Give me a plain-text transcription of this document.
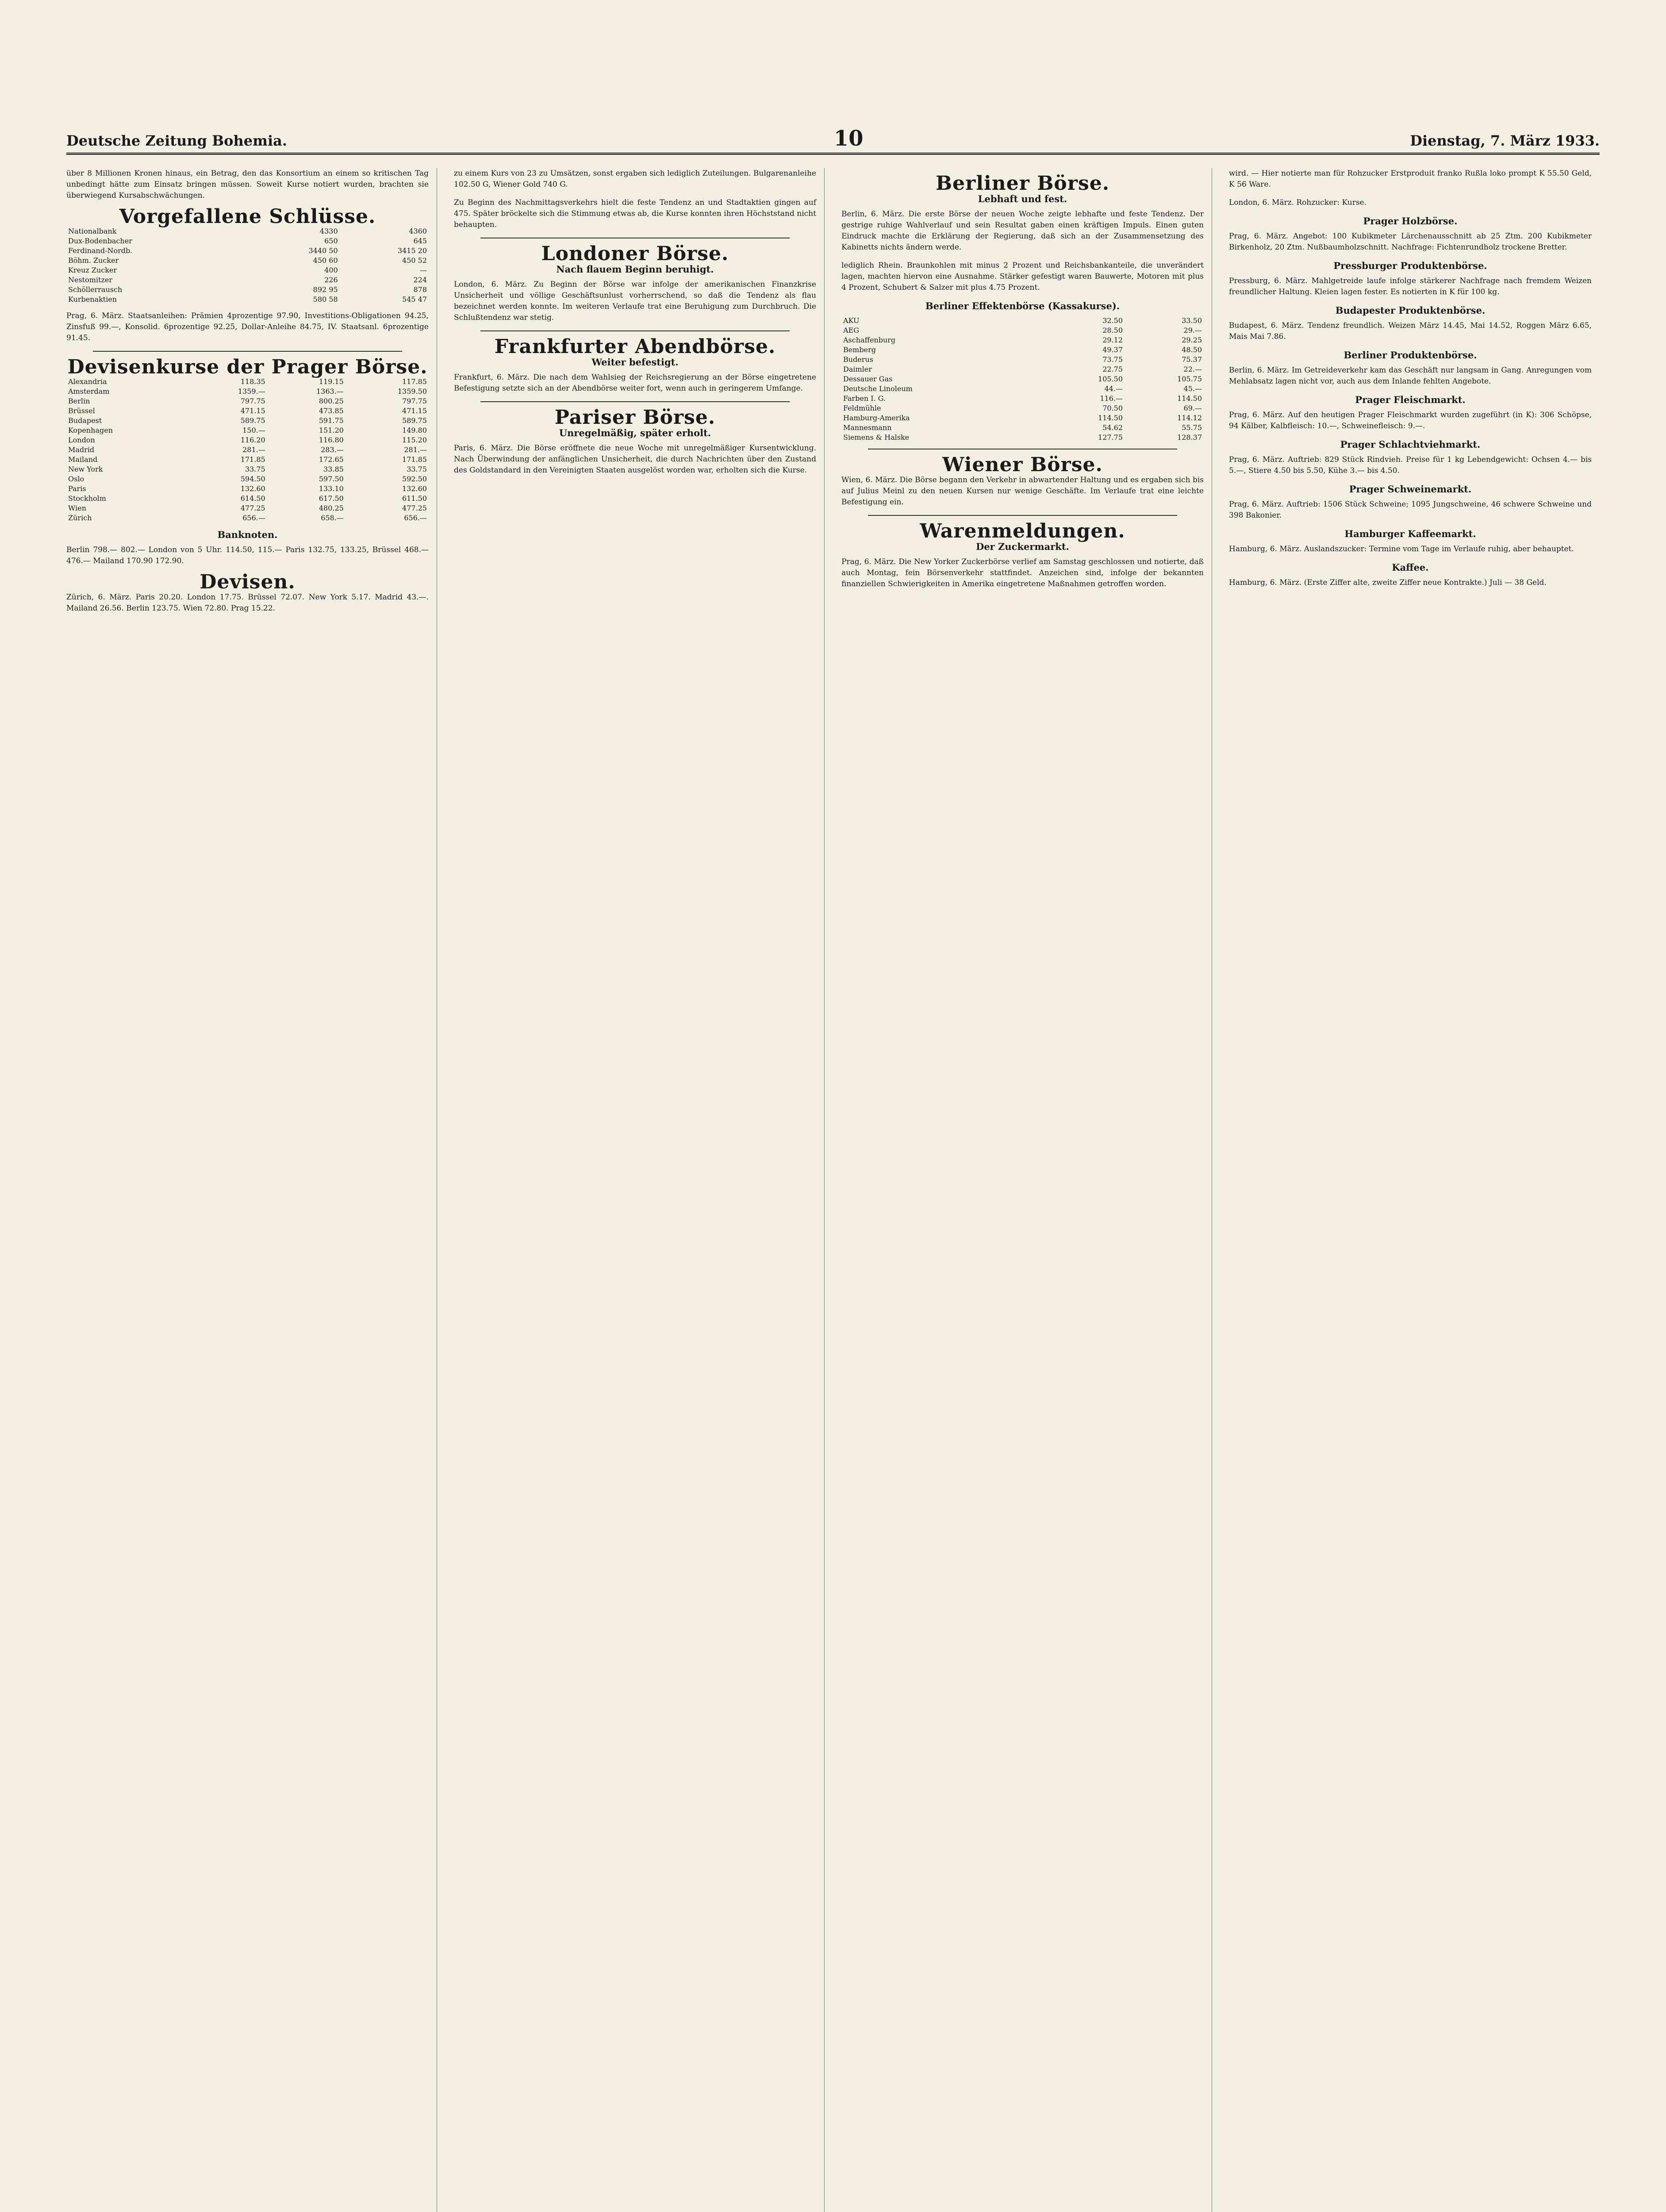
Deutsche Zeitung Bohemia.	10	Dienstag, 7. März 1933.

über 8 Millionen Kronen hinaus, ein Betrag, den das Konsortium an einem so kritischen Tag unbedingt hätte zum Einsatz bringen müssen. Soweit Kurse notiert wurden, brachten sie überwiegend Kursabschwächungen.

Vorgefallene Schlüsse.
Nationalbank	4330	4360
Dux-Bodenbacher	650	645
Ferdinand-Nordb.	3440 50	3415 20
Böhm. Zucker	450 60	450 52
Kreuz Zucker	400	—
Nestomitzer	226	224
Schöllerrausch	892 95	878
Kurbenaktien	580 58	545 47

Prag, 6. März. Staatsanleihen: Prämien 4prozentige 97.90, Investitions-Obligationen 94.25, Zinsfuß 99.—, Konsolid. 6prozentige 92.25, Dollar-Anleihe 84.75, IV. Staatsanl. 6prozentige 91.45.

Devisenkurse der Prager Börse.
Alexandria	118.35	119.15	117.85
Amsterdam	1359.—	1363.—	1359.50
Berlin	797.75	800.25	797.75
Brüssel	471.15	473.85	471.15
Budapest	589.75	591.75	589.75
Kopenhagen	150.—	151.20	149.80
London	116.20	116.80	115.20
Madrid	281.—	283.—	281.—
Mailand	171.85	172.65	171.85
New York	33.75	33.85	33.75
Oslo	594.50	597.50	592.50
Paris	132.60	133.10	132.60
Stockholm	614.50	617.50	611.50
Wien	477.25	480.25	477.25
Zürich	656.—	658.—	656.—
Banknoten.

Berlin 798.— 802.— London von 5 Uhr. 114.50, 115.— Paris 132.75, 133.25, Brüssel 468.— 476.— Mailand 170.90 172.90.

Devisen.

Zürich, 6. März. Paris 20.20. London 17.75. Brüssel 72.07. New York 5.17. Madrid 43.—. Mailand 26.56. Berlin 123.75. Wien 72.80. Prag 15.22.

zu einem Kurs von 23 zu Umsätzen, sonst ergaben sich lediglich Zuteilungen. Bulgarenanleihe 102.50 G, Wiener Gold 740 G.

Zu Beginn des Nachmittagsverkehrs hielt die feste Tendenz an und Stadtaktien gingen auf 475. Später bröckelte sich die Stimmung etwas ab, die Kurse konnten ihren Höchststand nicht behaupten.

Londoner Börse.
Nach flauem Beginn beruhigt.

London, 6. März. Zu Beginn der Börse war infolge der amerikanischen Finanzkrise Unsicherheit und völlige Geschäftsunlust vorherrschend, so daß die Tendenz als flau bezeichnet werden konnte. Im weiteren Verlaufe trat eine Beruhigung zum Durchbruch. Die Schlußtendenz war stetig.

Frankfurter Abendbörse.
Weiter befestigt.

Frankfurt, 6. März. Die nach dem Wahlsieg der Reichsregierung an der Börse eingetretene Befestigung setzte sich an der Abendbörse weiter fort, wenn auch in geringerem Umfange.

Pariser Börse.
Unregelmäßig, später erholt.

Paris, 6. März. Die Börse eröffnete die neue Woche mit unregelmäßiger Kursentwicklung. Nach Überwindung der anfänglichen Unsicherheit, die durch Nachrichten über den Zustand des Goldstandard in den Vereinigten Staaten ausgelöst worden war, erholten sich die Kurse.

Berliner Börse.
Lebhaft und fest.

Berlin, 6. März. Die erste Börse der neuen Woche zeigte lebhafte und feste Tendenz. Der gestrige ruhige Wahlverlauf und sein Resultat gaben einen kräftigen Impuls. Einen guten Eindruck machte die Erklärung der Regierung, daß sich an der Zusammensetzung des Kabinetts nichts ändern werde.

lediglich Rhein. Braunkohlen mit minus 2 Prozent und Reichsbankanteile, die unverändert lagen, machten hiervon eine Ausnahme. Stärker gefestigt waren Bauwerte, Motoren mit plus 4 Prozent, Schubert & Salzer mit plus 4.75 Prozent.

Berliner Effektenbörse (Kassakurse).
AKU	32.50	33.50
AEG	28.50	29.—
Aschaffenburg	29.12	29.25
Bemberg	49.37	48.50
Buderus	73.75	75.37
Daimler	22.75	22.—
Dessauer Gas	105.50	105.75
Deutsche Linoleum	44.—	45.—
Farben I. G.	116.—	114.50
Feldmühle	70.50	69.—
Hamburg-Amerika	114.50	114.12
Mannesmann	54.62	55.75
Siemens & Halske	127.75	128.37
Wiener Börse.

Wien, 6. März. Die Börse begann den Verkehr in abwartender Haltung und es ergaben sich bis auf Julius Meinl zu den neuen Kursen nur wenige Geschäfte. Im Verlaufe trat eine leichte Befestigung ein.

Warenmeldungen.
Der Zuckermarkt.

Prag, 6. März. Die New Yorker Zuckerbörse verlief am Samstag geschlossen und notierte, daß auch Montag, fein Börsenverkehr stattfindet. Anzeichen sind, infolge der bekannten finanziellen Schwierigkeiten in Amerika eingetretene Maßnahmen getroffen worden.

wird. — Hier notierte man für Rohzucker Erstproduit franko Rußla loko prompt K 55.50 Geld, K 56 Ware.

London, 6. März. Rohzucker: Kurse.

Prager Holzbörse.

Prag, 6. März. Angebot: 100 Kubikmeter Lärchenausschnitt ab 25 Ztm. 200 Kubikmeter Birkenholz, 20 Ztm. Nußbaumholzschnitt. Nachfrage: Fichtenrundholz trockene Bretter.

Pressburger Produktenbörse.

Pressburg, 6. März. Mahlgetreide laufe infolge stärkerer Nachfrage nach fremdem Weizen freundlicher Haltung. Kleien lagen fester. Es notierten in K für 100 kg.

Budapester Produktenbörse.

Budapest, 6. März. Tendenz freundlich. Weizen März 14.45, Mai 14.52, Roggen März 6.65, Mais Mai 7.86.

Berliner Produktenbörse.

Berlin, 6. März. Im Getreideverkehr kam das Geschäft nur langsam in Gang. Anregungen vom Mehlabsatz lagen nicht vor, auch aus dem Inlande fehlten Angebote.

Prager Fleischmarkt.

Prag, 6. März. Auf den heutigen Prager Fleischmarkt wurden zugeführt (in K): 306 Schöpse, 94 Kälber, Kalbfleisch: 10.—, Schweinefleisch: 9.—.

Prager Schlachtviehmarkt.

Prag, 6. März. Auftrieb: 829 Stück Rindvieh. Preise für 1 kg Lebendgewicht: Ochsen 4.— bis 5.—, Stiere 4.50 bis 5.50, Kühe 3.— bis 4.50.

Prager Schweinemarkt.

Prag, 6. März. Auftrieb: 1506 Stück Schweine; 1095 Jungschweine, 46 schwere Schweine und 398 Bakonier.

Hamburger Kaffeemarkt.

Hamburg, 6. März. Auslandszucker: Termine vom Tage im Verlaufe ruhig, aber behauptet.

Kaffee.

Hamburg, 6. März. (Erste Ziffer alte, zweite Ziffer neue Kontrakte.) Juli — 38 Geld.
